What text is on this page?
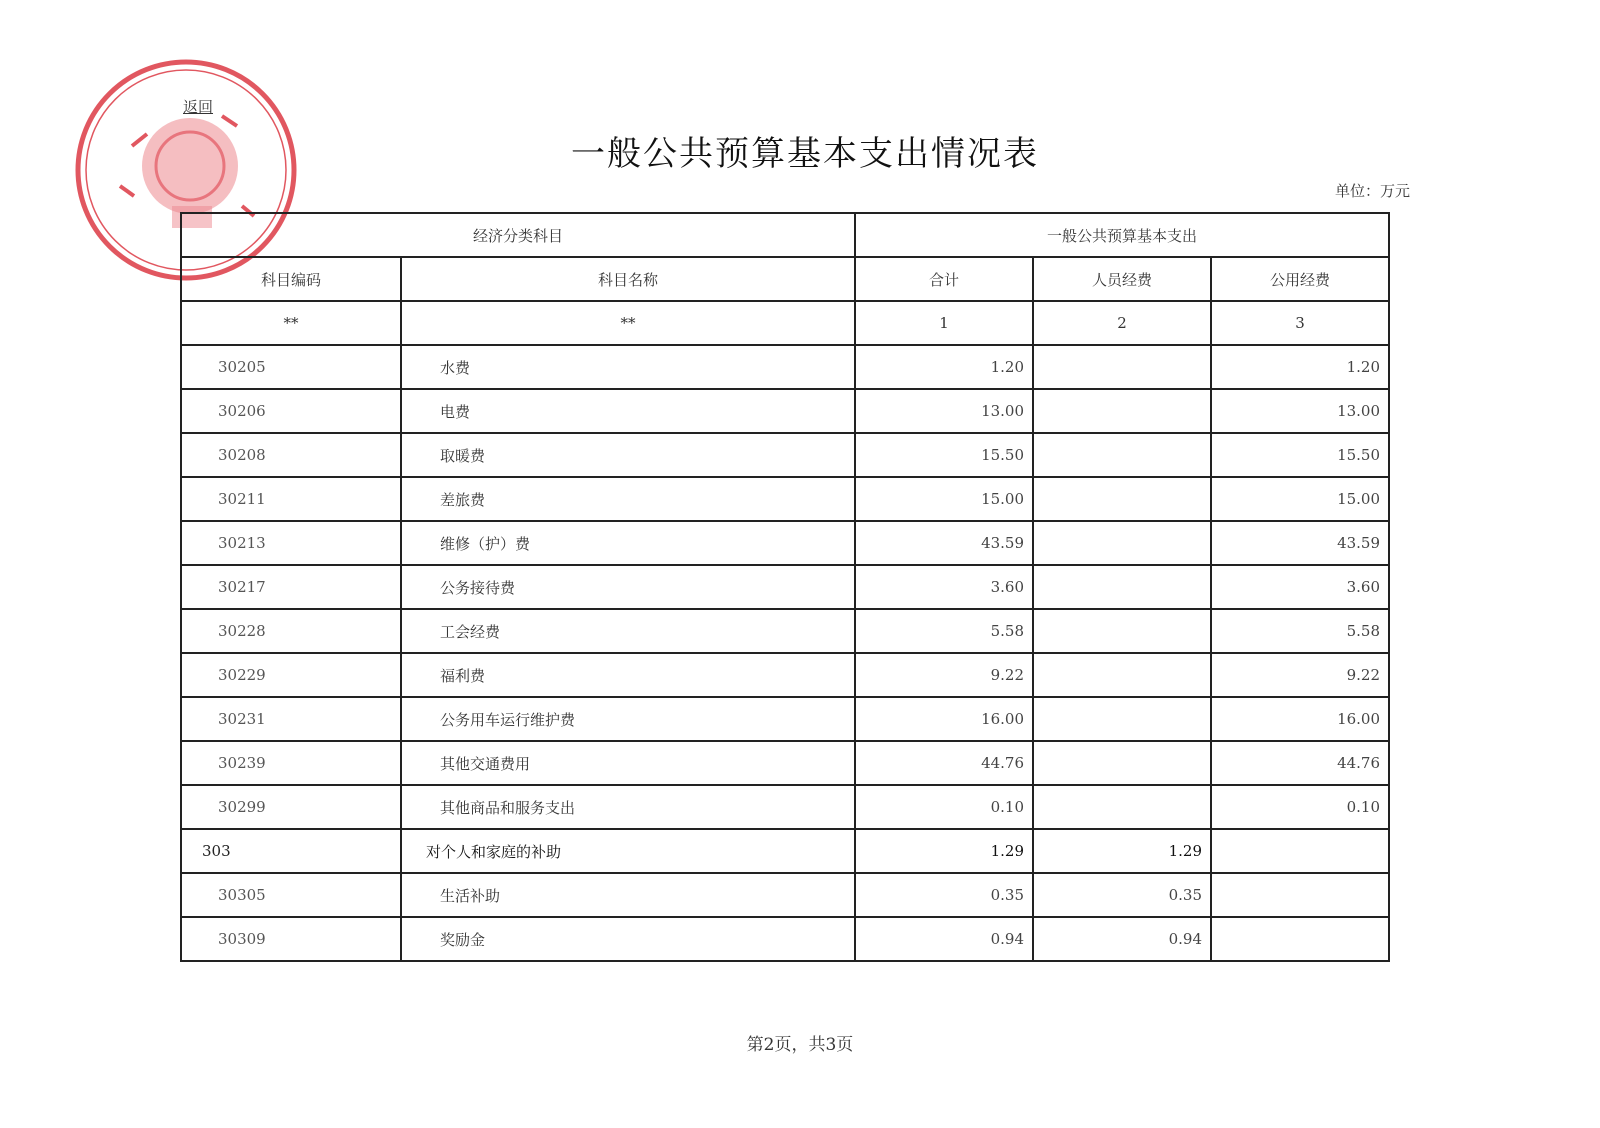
返回
一般公共预算基本支出情况表
单位：万元
经济分类科目		一般公共预算基本支出		
科目编码	科目名称	合计	人员经费	公用经费
**	**	1	2	3
30205	水费	1.20		1.20
30206	电费	13.00		13.00
30208	取暖费	15.50		15.50
30211	差旅费	15.00		15.00
30213	维修（护）费	43.59		43.59
30217	公务接待费	3.60		3.60
30228	工会经费	5.58		5.58
30229	福利费	9.22		9.22
30231	公务用车运行维护费	16.00		16.00
30239	其他交通费用	44.76		44.76
30299	其他商品和服务支出	0.10		0.10
303	对个人和家庭的补助	1.29	1.29	
30305	生活补助	0.35	0.35	
30309	奖励金	0.94	0.94	
第2页，共3页
